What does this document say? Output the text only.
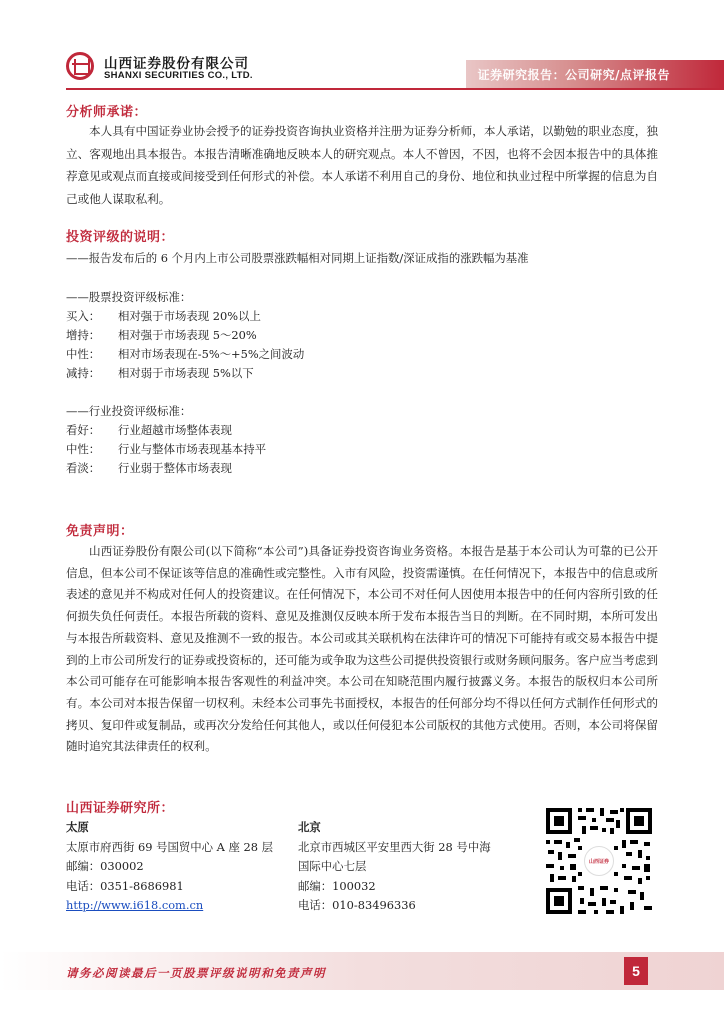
山西证券股份有限公司
SHANXI SECURITIES CO., LTD.	证券研究报告：公司研究/点评报告
分析师承诺：
本人具有中国证券业协会授予的证券投资咨询执业资格并注册为证券分析师，本人承诺，以勤勉的职业态度，独立、客观地出具本报告。本报告清晰准确地反映本人的研究观点。本人不曾因，不因，也将不会因本报告中的具体推荐意见或观点而直接或间接受到任何形式的补偿。本人承诺不利用自己的身份、地位和执业过程中所掌握的信息为自己或他人谋取私利。
投资评级的说明：
——报告发布后的 6 个月内上市公司股票涨跌幅相对同期上证指数/深证成指的涨跌幅为基准
——股票投资评级标准：
买入： 相对强于市场表现 20%以上
增持： 相对强于市场表现 5～20%
中性： 相对市场表现在-5%～+5%之间波动
减持： 相对弱于市场表现 5%以下
——行业投资评级标准：
看好： 行业超越市场整体表现
中性： 行业与整体市场表现基本持平
看淡： 行业弱于整体市场表现
免责声明：
山西证券股份有限公司(以下简称“本公司”)具备证券投资咨询业务资格。本报告是基于本公司认为可靠的已公开信息，但本公司不保证该等信息的准确性或完整性。入市有风险，投资需谨慎。在任何情况下，本报告中的信息或所表述的意见并不构成对任何人的投资建议。在任何情况下，本公司不对任何人因使用本报告中的任何内容所引致的任何损失负任何责任。本报告所载的资料、意见及推测仅反映本所于发布本报告当日的判断。在不同时期，本所可发出与本报告所载资料、意见及推测不一致的报告。本公司或其关联机构在法律许可的情况下可能持有或交易本报告中提到的上市公司所发行的证券或投资标的，还可能为或争取为这些公司提供投资银行或财务顾问服务。客户应当考虑到本公司可能存在可能影响本报告客观性的利益冲突。本公司在知晓范围内履行披露义务。本报告的版权归本公司所有。本公司对本报告保留一切权利。未经本公司事先书面授权，本报告的任何部分均不得以任何方式制作任何形式的拷贝、复印件或复制品，或再次分发给任何其他人，或以任何侵犯本公司版权的其他方式使用。否则，本公司将保留随时追究其法律责任的权利。
山西证券研究所：
太原
太原市府西街 69 号国贸中心 A 座 28 层
邮编：030002
电话：0351-8686981
http://www.i618.com.cn
北京
北京市西城区平安里西大街 28 号中海
国际中心七层
邮编：100032
电话：010-83496336
山西证券
请务必阅读最后一页股票评级说明和免责声明	5
